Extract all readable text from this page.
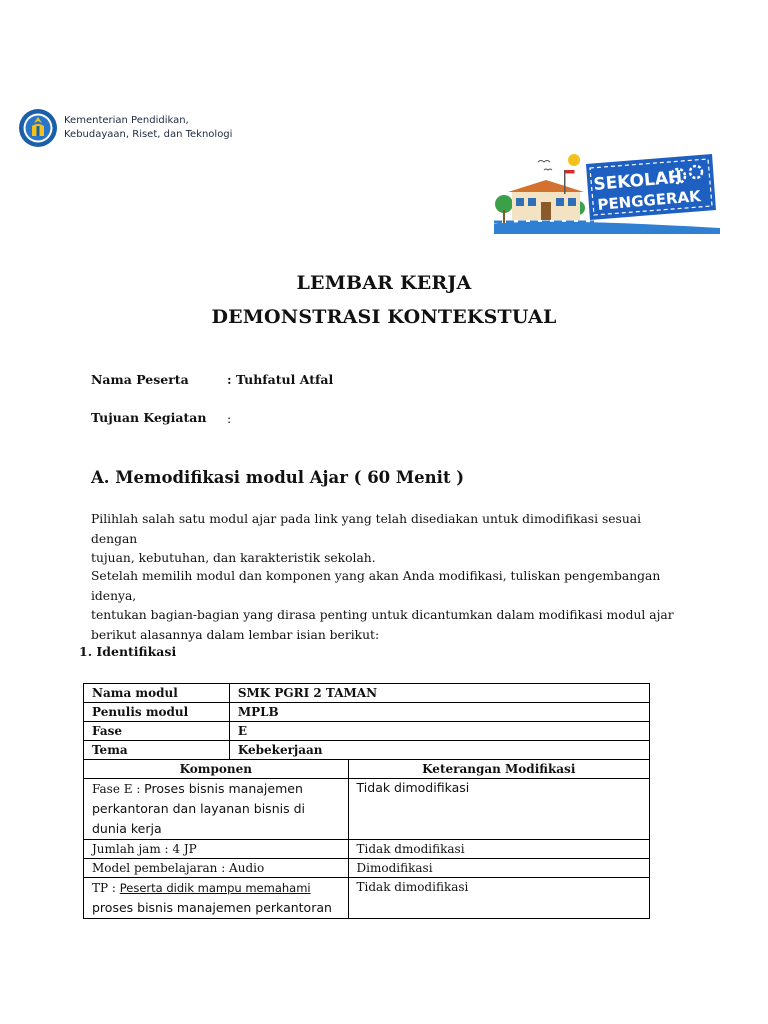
Kementerian Pendidikan,
Kebudayaan, Riset, dan Teknologi
SEKOLAH
PENGGERAK
LEMBAR KERJA
DEMONSTRASI KONTEKSTUAL
Nama Peserta	: Tuhfatul Atfal
Tujuan Kegiatan :
A. Memodifikasi modul Ajar ( 60 Menit )
Pilihlah salah satu modul ajar pada link yang telah disediakan untuk dimodifikasi sesuai dengan
tujuan, kebutuhan, dan karakteristik sekolah.
Setelah memilih modul dan komponen yang akan Anda modifikasi, tuliskan pengembangan idenya,
tentukan bagian-bagian yang dirasa penting untuk dicantumkan dalam modifikasi modul ajar
berikut alasannya dalam lembar isian berikut:
1. Identifikasi
Nama modul	SMK PGRI 2 TAMAN	
Penulis modul	MPLB	
Fase	E	
Tema	Kebekerjaan	
Komponen		Keterangan Modifikasi
Fase E : Proses bisnis manajemen
perkantoran dan layanan bisnis di
dunia kerja		Tidak dimodifikasi
Jumlah jam : 4 JP		Tidak dmodifikasi
Model pembelajaran : Audio		Dimodifikasi
TP : Peserta didik mampu memahami
proses bisnis manajemen perkantoran		Tidak dimodifikasi
